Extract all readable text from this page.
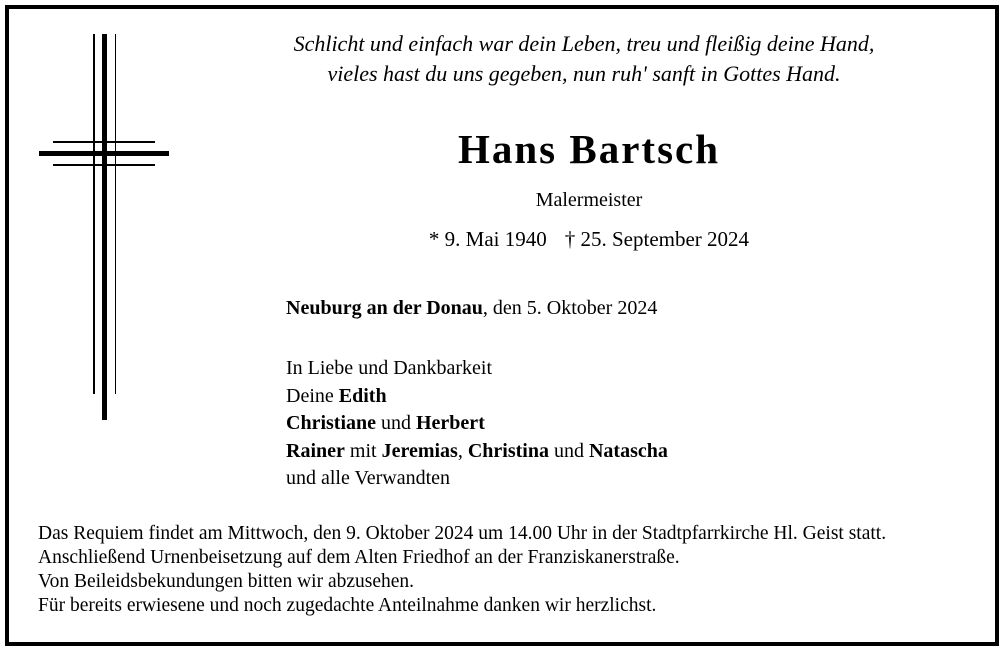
Schlicht und einfach war dein Leben, treu und fleißig deine Hand,
vieles hast du uns gegeben, nun ruh' sanft in Gottes Hand.
Hans Bartsch
Malermeister
* 9. Mai 1940 † 25. September 2024
Neuburg an der Donau, den 5. Oktober 2024
In Liebe und Dankbarkeit
Deine Edith
Christiane und Herbert
Rainer mit Jeremias, Christina und Natascha
und alle Verwandten
Das Requiem findet am Mittwoch, den 9. Oktober 2024 um 14.00 Uhr in der Stadtpfarrkirche Hl. Geist statt.
Anschließend Urnenbeisetzung auf dem Alten Friedhof an der Franziskanerstraße.
Von Beileidsbekundungen bitten wir abzusehen.
Für bereits erwiesene und noch zugedachte Anteilnahme danken wir herzlichst.
